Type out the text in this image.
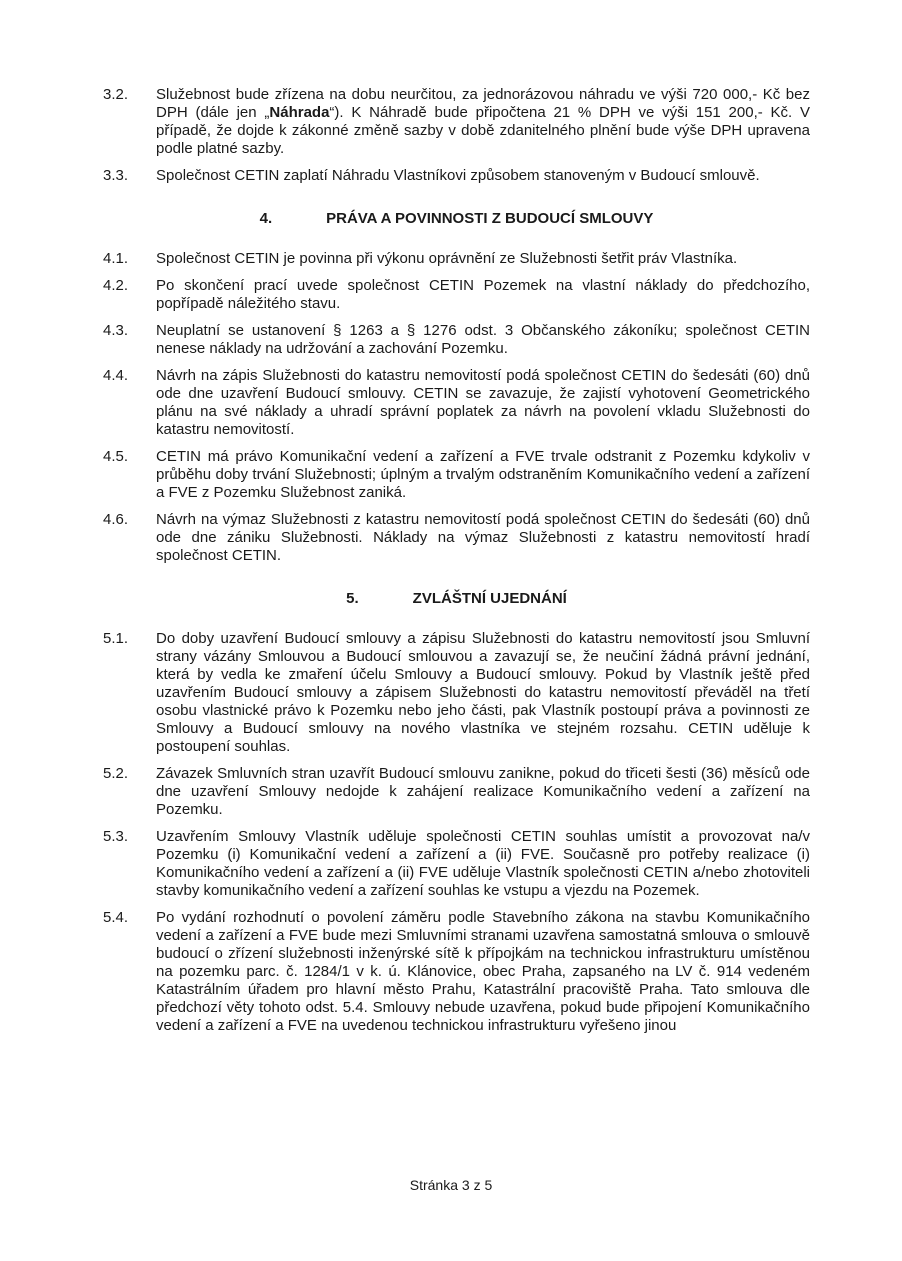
3.2.	Služebnost bude zřízena na dobu neurčitou, za jednorázovou náhradu ve výši 720 000,- Kč bez DPH (dále jen „Náhrada“). K Náhradě bude připočtena 21 % DPH ve výši 151 200,- Kč. V případě, že dojde k zákonné změně sazby v době zdanitelného plnění bude výše DPH upravena podle platné sazby.
3.3.	Společnost CETIN zaplatí Náhradu Vlastníkovi způsobem stanoveným v Budoucí smlouvě.
4.	PRÁVA A POVINNOSTI Z BUDOUCÍ SMLOUVY
4.1.	Společnost CETIN je povinna při výkonu oprávnění ze Služebnosti šetřit práv Vlastníka.
4.2.	Po skončení prací uvede společnost CETIN Pozemek na vlastní náklady do předchozího, popřípadě náležitého stavu.
4.3.	Neuplatní se ustanovení § 1263 a § 1276 odst. 3 Občanského zákoníku; společnost CETIN nenese náklady na udržování a zachování Pozemku.
4.4.	Návrh na zápis Služebnosti do katastru nemovitostí podá společnost CETIN do šedesáti (60) dnů ode dne uzavření Budoucí smlouvy. CETIN se zavazuje, že zajistí vyhotovení Geometrického plánu na své náklady a uhradí správní poplatek za návrh na povolení vkladu Služebnosti do katastru nemovitostí.
4.5.	CETIN má právo Komunikační vedení a zařízení a FVE trvale odstranit z Pozemku kdykoliv v průběhu doby trvání Služebnosti; úplným a trvalým odstraněním Komunikačního vedení a zařízení a FVE z Pozemku Služebnost zaniká.
4.6.	Návrh na výmaz Služebnosti z katastru nemovitostí podá společnost CETIN do šedesáti (60) dnů ode dne zániku Služebnosti. Náklady na výmaz Služebnosti z katastru nemovitostí hradí společnost CETIN.
5.	ZVLÁŠTNÍ UJEDNÁNÍ
5.1.	Do doby uzavření Budoucí smlouvy a zápisu Služebnosti do katastru nemovitostí jsou Smluvní strany vázány Smlouvou a Budoucí smlouvou a zavazují se, že neučiní žádná právní jednání, která by vedla ke zmaření účelu Smlouvy a Budoucí smlouvy. Pokud by Vlastník ještě před uzavřením Budoucí smlouvy a zápisem Služebnosti do katastru nemovitostí převáděl na třetí osobu vlastnické právo k Pozemku nebo jeho části, pak Vlastník postoupí práva a povinnosti ze Smlouvy a Budoucí smlouvy na nového vlastníka ve stejném rozsahu. CETIN uděluje k postoupení souhlas.
5.2.	Závazek Smluvních stran uzavřít Budoucí smlouvu zanikne, pokud do třiceti šesti (36) měsíců ode dne uzavření Smlouvy nedojde k zahájení realizace Komunikačního vedení a zařízení na Pozemku.
5.3.	Uzavřením Smlouvy Vlastník uděluje společnosti CETIN souhlas umístit a provozovat na/v Pozemku (i) Komunikační vedení a zařízení a (ii) FVE. Současně pro potřeby realizace (i) Komunikačního vedení a zařízení a (ii) FVE uděluje Vlastník společnosti CETIN a/nebo zhotoviteli stavby komunikačního vedení a zařízení souhlas ke vstupu a vjezdu na Pozemek.
5.4.	Po vydání rozhodnutí o povolení záměru podle Stavebního zákona na stavbu Komunikačního vedení a zařízení a FVE bude mezi Smluvními stranami uzavřena samostatná smlouva o smlouvě budoucí o zřízení služebnosti inženýrské sítě k přípojkám na technickou infrastrukturu umístěnou na pozemku parc. č. 1284/1 v k. ú. Klánovice, obec Praha, zapsaného na LV č. 914 vedeném Katastrálním úřadem pro hlavní město Prahu, Katastrální pracoviště Praha. Tato smlouva dle předchozí věty tohoto odst. 5.4. Smlouvy nebude uzavřena, pokud bude připojení Komunikačního vedení a zařízení a FVE na uvedenou technickou infrastrukturu vyřešeno jinou
Stránka 3 z 5
